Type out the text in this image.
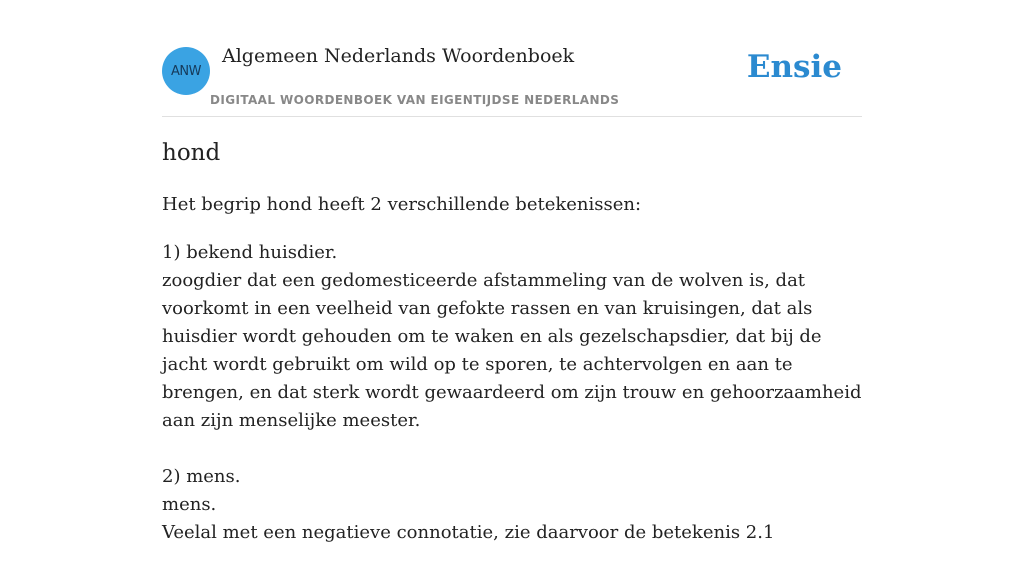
ANW
Algemeen Nederlands Woordenboek
DIGITAAL WOORDENBOEK VAN EIGENTIJDSE NEDERLANDS
Ensie
hond
Het begrip hond heeft 2 verschillende betekenissen:

1) bekend huisdier.

zoogdier dat een gedomesticeerde afstammeling van de wolven is, dat voorkomt in een veelheid van gefokte rassen en van kruisingen, dat als huisdier wordt gehouden om te waken en als gezelschapsdier, dat bij de jacht wordt gebruikt om wild op te sporen, te achtervolgen en aan te brengen, en dat sterk wordt gewaardeerd om zijn trouw en gehoorzaamheid aan zijn menselijke meester.

2) mens.

mens.

Veelal met een negatieve connotatie, zie daarvoor de betekenis 2.1
